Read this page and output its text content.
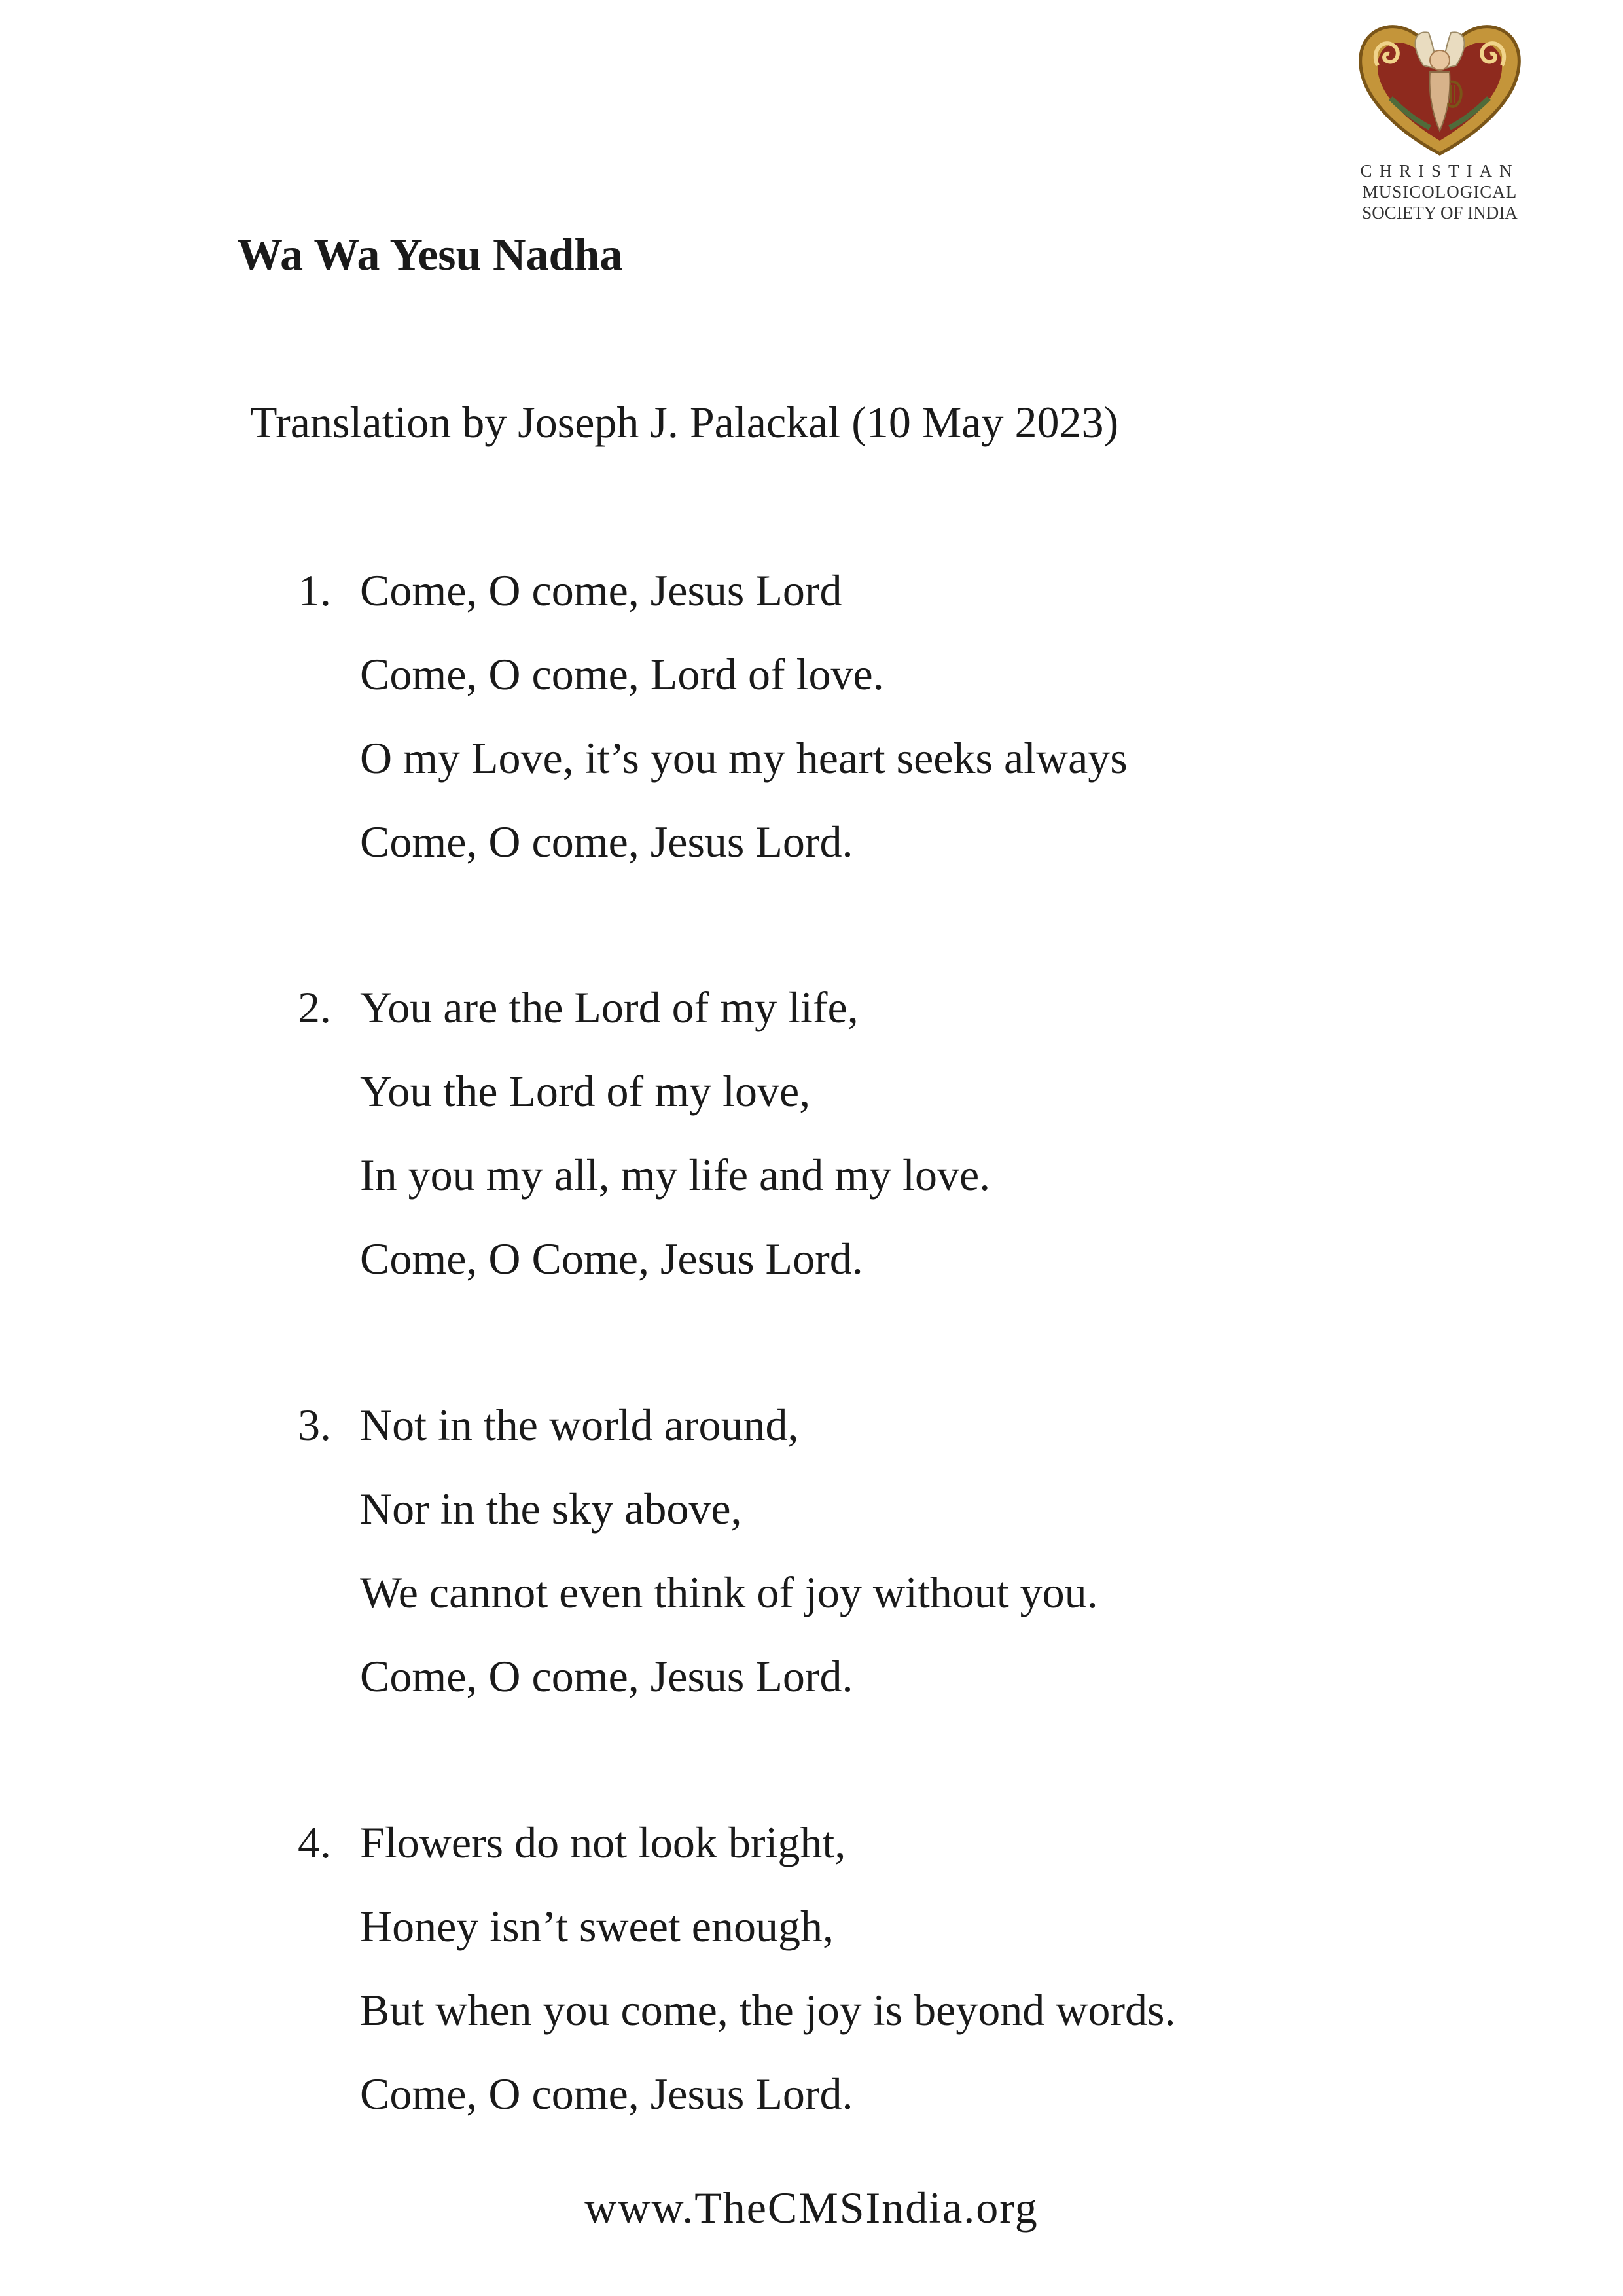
CHRISTIAN
MUSICOLOGICAL
SOCIETY OF INDIA
Wa Wa Yesu Nadha
Translation by Joseph J. Palackal (10 May 2023)
1. Come, O come, Jesus Lord
Come, O come, Lord of love.
O my Love, it’s you my heart seeks always
Come, O come, Jesus Lord.
2. You are the Lord of my life,
You the Lord of my love,
In you my all, my life and my love.
Come, O Come, Jesus Lord.
3. Not in the world around,
Nor in the sky above,
We cannot even think of joy without you.
Come, O come, Jesus Lord.
4. Flowers do not look bright,
Honey isn’t sweet enough,
But when you come, the joy is beyond words.
Come, O come, Jesus Lord.
www.TheCMSIndia.org
